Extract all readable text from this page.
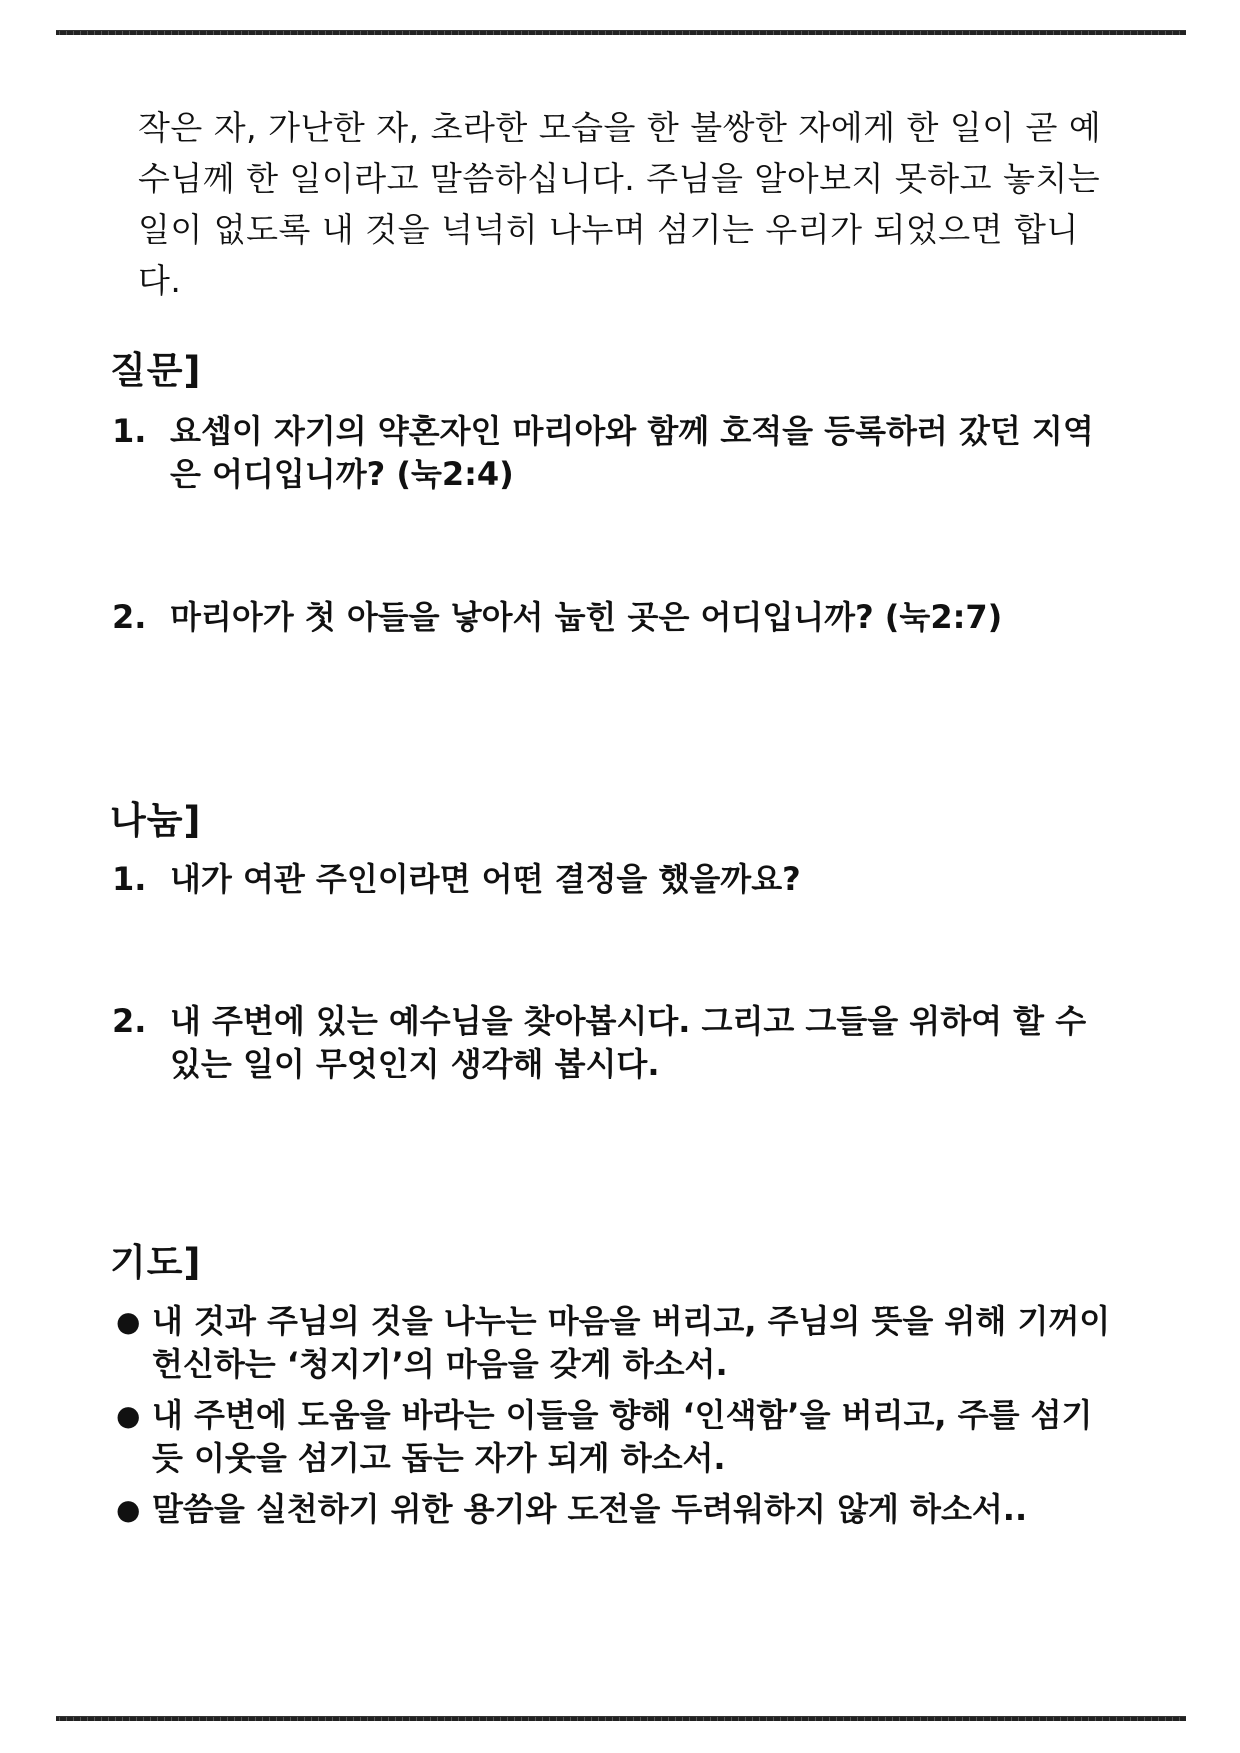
작은 자, 가난한 자, 초라한 모습을 한 불쌍한 자에게 한 일이 곧 예수님께 한 일이라고 말씀하십니다. 주님을 알아보지 못하고 놓치는 일이 없도록 내 것을 넉넉히 나누며 섬기는 우리가 되었으면 합니다.

질문]
1. 요셉이 자기의 약혼자인 마리아와 함께 호적을 등록하러 갔던 지역은 어디입니까? (눅2:4)
2. 마리아가 첫 아들을 낳아서 눕힌 곳은 어디입니까? (눅2:7)
나눔]
1. 내가 여관 주인이라면 어떤 결정을 했을까요?
2. 내 주변에 있는 예수님을 찾아봅시다. 그리고 그들을 위하여 할 수 있는 일이 무엇인지 생각해 봅시다.
기도]
● 내 것과 주님의 것을 나누는 마음을 버리고, 주님의 뜻을 위해 기꺼이 헌신하는 ‘청지기’의 마음을 갖게 하소서.
● 내 주변에 도움을 바라는 이들을 향해 ‘인색함’을 버리고, 주를 섬기듯 이웃을 섬기고 돕는 자가 되게 하소서.
● 말씀을 실천하기 위한 용기와 도전을 두려워하지 않게 하소서..
